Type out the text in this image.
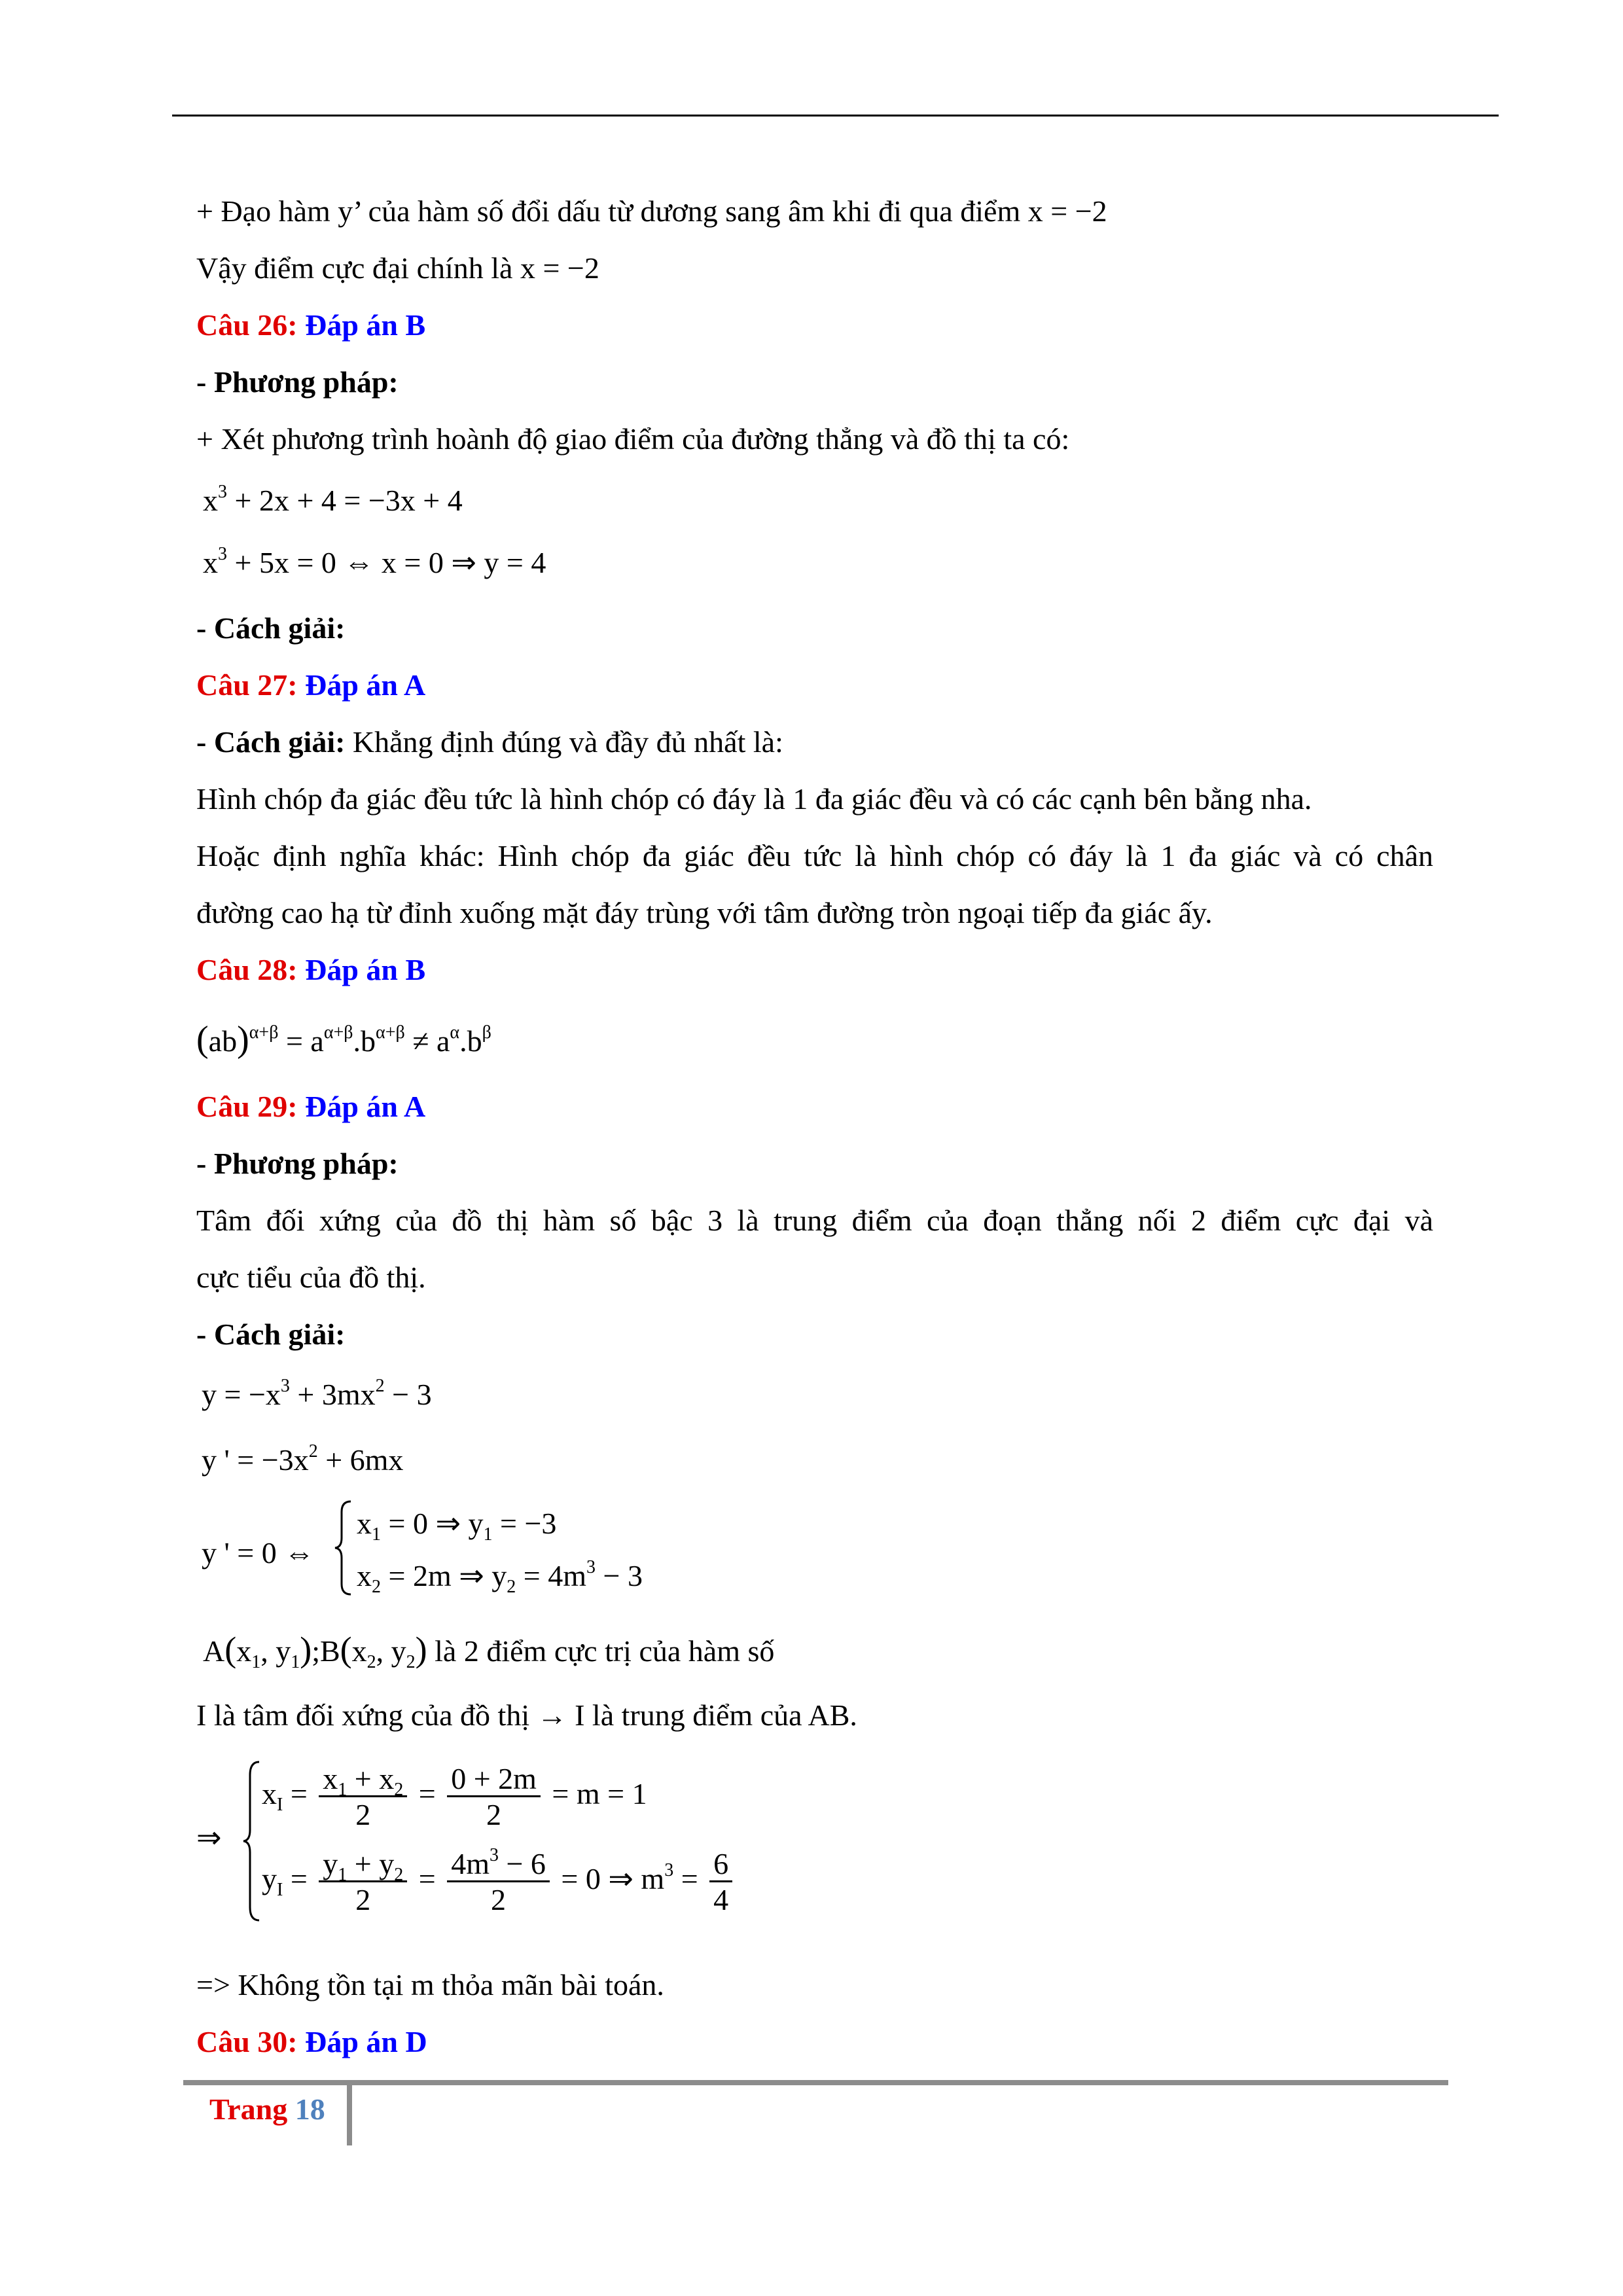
+ Đạo hàm y’ của hàm số đổi dấu từ dương sang âm khi đi qua điểm x = −2
Vậy điểm cực đại chính là x = −2
Câu 26: Đáp án B
- Phương pháp:
+ Xét phương trình hoành độ giao điểm của đường thẳng và đồ thị ta có:
$x^3 + 2x + 4 = -3x + 4$
$x^3 + 5x = 0$ ⇔ x = 0 ⇒ y = 4
- Cách giải:
Câu 27: Đáp án A
- Cách giải: Khẳng định đúng và đầy đủ nhất là:
Hình chóp đa giác đều tức là hình chóp có đáy là 1 đa giác đều và có các cạnh bên bằng nha.
Hoặc định nghĩa khác: Hình chóp đa giác đều tức là hình chóp có đáy là 1 đa giác và có chân
đường cao hạ từ đỉnh xuống mặt đáy trùng với tâm đường tròn ngoại tiếp đa giác ấy.
Câu 28: Đáp án B
$(ab)^{\alpha+\beta} = a^{\alpha+\beta}.b^{\alpha+\beta} \ne a^\alpha.b^\beta$
Câu 29: Đáp án A
- Phương pháp:
Tâm đối xứng của đồ thị hàm số bậc 3 là trung điểm của đoạn thẳng nối 2 điểm cực đại và
cực tiểu của đồ thị.
- Cách giải:
$y = -x^3 + 3mx^2 - 3$
y ' = $-3x^2 + 6mx$
y ' = 0 ⇔
$x_1 = 0$ ⇒ $y_1 = -3$
$x_2 = 2m$ ⇒ $y_2 = 4m^3 - 3$
$A(x_1$, $y_1);B(x_2$, $y_2$) là 2 điểm cực trị của hàm số
I là tâm đối xứng của đồ thị → I là trung điểm của AB.
⇒
$x_I = \frac{x_1 + x_2}{2} = \frac{0 + 2m}{2} = m = 1$
$y_I = \frac{y_1 + y_2}{2} = \frac{4m^3 - 6}{2} = 0$ ⇒ $m^3 = \frac{6}{4}$
=> Không tồn tại m thỏa mãn bài toán.
Câu 30: Đáp án D
Trang 18
